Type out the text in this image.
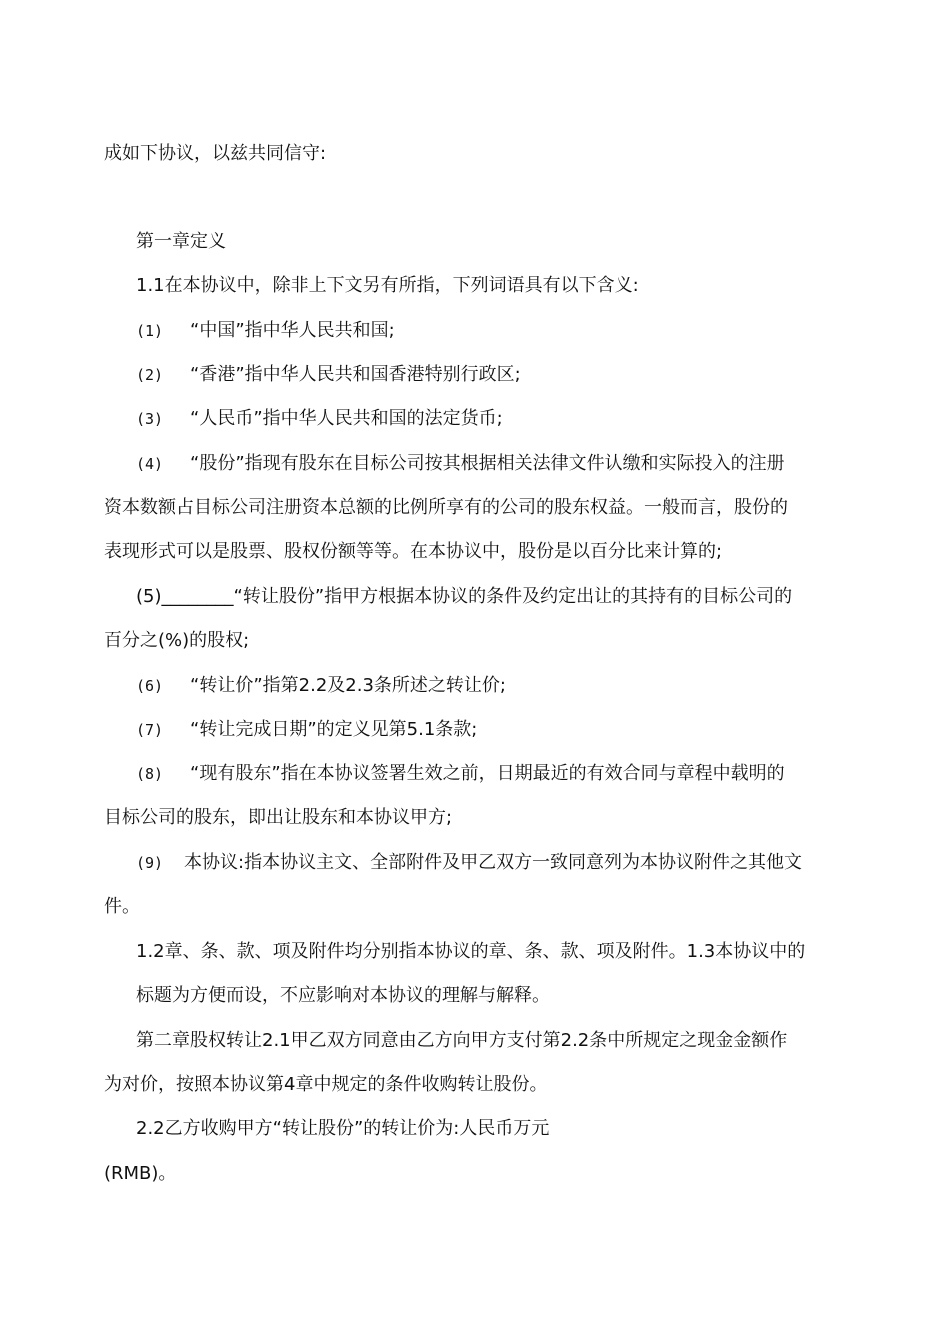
成如下协议，以兹共同信守:
第一章定义
1.1在本协议中，除非上下文另有所指，下列词语具有以下含义:
(1) “中国”指中华人民共和国;
(2) “香港”指中华人民共和国香港特别行政区;
(3) “人民币”指中华人民共和国的法定货币;
(4) “股份”指现有股东在目标公司按其根据相关法律文件认缴和实际投入的注册
资本数额占目标公司注册资本总额的比例所享有的公司的股东权益。一般而言，股份的
表现形式可以是股票、股权份额等等。在本协议中，股份是以百分比来计算的;
(5)________“转让股份”指甲方根据本协议的条件及约定出让的其持有的目标公司的
百分之(%)的股权;
(6) “转让价”指第2.2及2.3条所述之转让价;
(7) “转让完成日期”的定义见第5.1条款;
(8) “现有股东”指在本协议签署生效之前，日期最近的有效合同与章程中载明的
目标公司的股东，即出让股东和本协议甲方;
(9) 本协议:指本协议主文、全部附件及甲乙双方一致同意列为本协议附件之其他文
件。
1.2章、条、款、项及附件均分别指本协议的章、条、款、项及附件。1.3本协议中的
标题为方便而设，不应影响对本协议的理解与解释。
第二章股权转让2.1甲乙双方同意由乙方向甲方支付第2.2条中所规定之现金金额作
为对价，按照本协议第4章中规定的条件收购转让股份。
2.2乙方收购甲方“转让股份”的转让价为:人民币万元
(RMB)。
